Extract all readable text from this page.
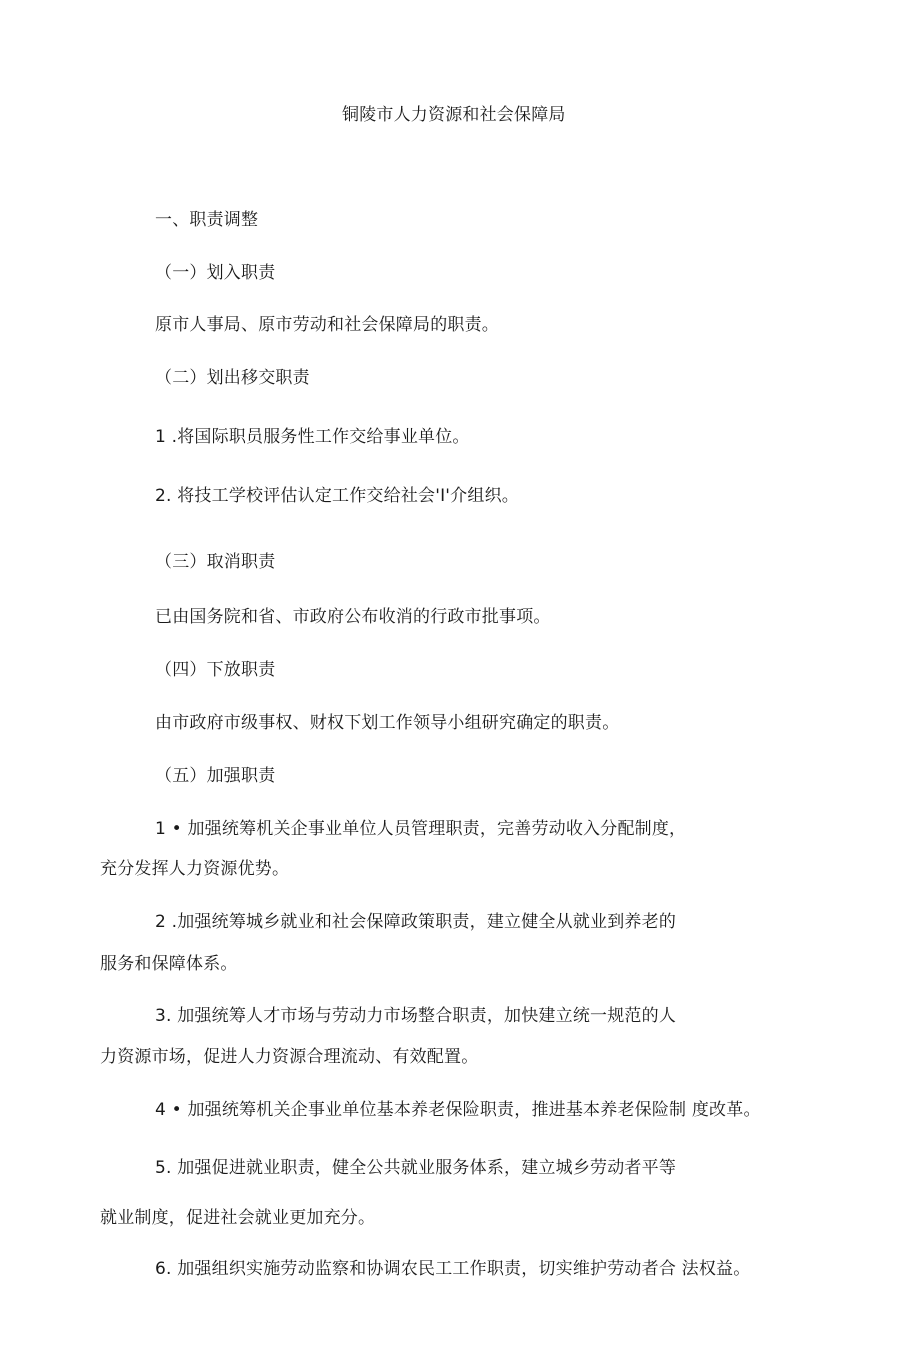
铜陵市人力资源和社会保障局
一、职责调整
（一）划入职责
原市人事局、原市劳动和社会保障局的职责。
（二）划出移交职责
1 .将国际职员服务性工作交给事业单位。
2. 将技工学校评估认定工作交给社会'I'介组织。
（三）取消职责
已由国务院和省、市政府公布收消的行政市批事项。
（四）下放职责
由市政府市级事权、财权下划工作领导小组研究确定的职责。
（五）加强职责
1 • 加强统筹机关企事业单位人员管理职责，完善劳动收入分配制度，
充分发挥人力资源优势。
2 .加强统筹城乡就业和社会保障政策职责，建立健全从就业到养老的
服务和保障体系。
3. 加强统筹人才市场与劳动力市场整合职责，加快建立统一规范的人
力资源市场，促进人力资源合理流动、有效配置。
4 • 加强统筹机关企事业单位基本养老保险职责，推进基本养老保险制 度改革。
5. 加强促进就业职责，健全公共就业服务体系，建立城乡劳动者平等
就业制度，促进社会就业更加充分。
6. 加强组织实施劳动监察和协调农民工工作职责，切实维护劳动者合 法权益。
